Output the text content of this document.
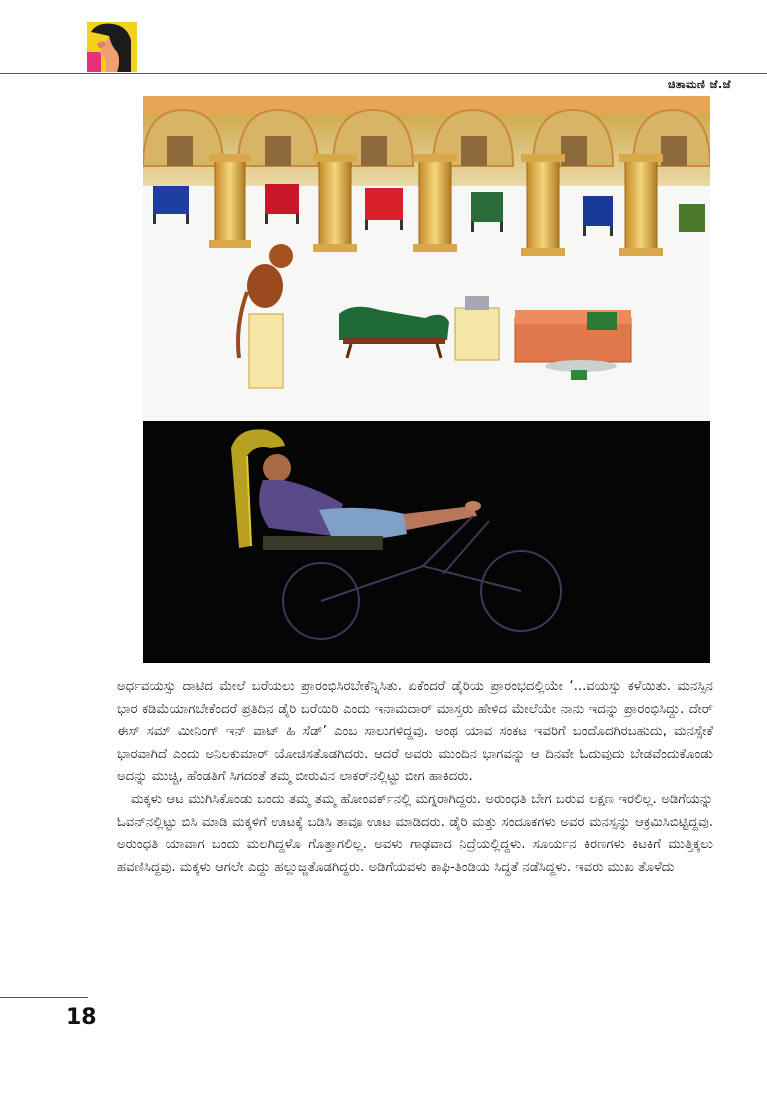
ಚಿತಾಮಣಿ ಜೆ.ಜೆ

ಅರ್ಧವಯಸ್ಸು ದಾಟಿದ ಮೇಲೆ ಬರೆಯಲು ಪ್ರಾರಂಭಿಸಿರಬೇಕೆನ್ನಿಸಿತು. ಏಕೆಂದರೆ ಡೈರಿಯ ಪ್ರಾರಂಭದಲ್ಲಿಯೇ ‘...ವಯಸ್ಸು ಕಳೆಯಿತು. ಮನಸ್ಸಿನ ಭಾರ ಕಡಿಮೆಯಾಗಬೇಕೆಂದರೆ ಪ್ರತಿದಿನ ಡೈರಿ ಬರೆಯಿರಿ ಎಂದು ಇನಾಮದಾರ್ ಮಾಸ್ತರು ಹೇಳಿದ ಮೇಲೆಯೇ ನಾನು ಇದನ್ನು ಪ್ರಾರಂಭಿಸಿದ್ದು. ದೇರ್ ಈಸ್ ಸಮ್ ಮೀನಿಂಗ್ ಇನ್ ವಾಟ್ ಹಿ ಸೆಡ್’ ಎಂಬ ಸಾಲುಗಳಿದ್ದವು. ಅಂಥ ಯಾವ ಸಂಕಟ ಇವರಿಗೆ ಬಂದೊದಗಿರಬಹುದು, ಮನಸ್ಸೇಕೆ ಭಾರವಾಗಿದೆ ಎಂದು ಅನಿಲಕುಮಾರ್ ಯೋಚಿಸತೊಡಗಿದರು. ಆದರೆ ಅವರು ಮುಂದಿನ ಭಾಗವನ್ನು ಆ ದಿನವೇ ಓದುವುದು ಬೇಡವೆಂದುಕೊಂಡು ಅದನ್ನು ಮುಚ್ಚಿ, ಹೆಂಡತಿಗೆ ಸಿಗದಂತೆ ತಮ್ಮ ಬೀರುವಿನ ಲಾಕರ್‌ನಲ್ಲಿಟ್ಟು ಬೀಗ ಹಾಕಿದರು.

ಮಕ್ಕಳು ಆಟ ಮುಗಿಸಿಕೊಂಡು ಬಂದು ತಮ್ಮ ತಮ್ಮ ಹೋಂವರ್ಕ್‌ನಲ್ಲಿ ಮಗ್ನರಾಗಿದ್ದರು. ಅರುಂಧತಿ ಬೇಗ ಬರುವ ಲಕ್ಷಣ ಇರಲಿಲ್ಲ. ಅಡಿಗೆಯನ್ನು ಓವನ್‌ನಲ್ಲಿಟ್ಟು ಬಿಸಿ ಮಾಡಿ ಮಕ್ಕಳಿಗೆ ಊಟಕ್ಕೆ ಬಡಿಸಿ ತಾವೂ ಊಟ ಮಾಡಿದರು. ಡೈರಿ ಮತ್ತು ಸಂದೂಕಗಳು ಅವರ ಮನಸ್ಸನ್ನು ಆಕ್ರಮಿಸಿಬಿಟ್ಟಿದ್ದವು. ಅರುಂಧತಿ ಯಾವಾಗ ಬಂದು ಮಲಗಿದ್ದಳೊ ಗೊತ್ತಾಗಲಿಲ್ಲ. ಅವಳು ಗಾಢವಾದ ನಿದ್ರೆಯಲ್ಲಿದ್ದಳು. ಸೂರ್ಯನ ಕಿರಣಗಳು ಕಿಟಕಿಗೆ ಮುತ್ತಿಕ್ಕಲು ಹವಣಿಸಿದ್ದವು. ಮಕ್ಕಳು ಆಗಲೇ ಎದ್ದು ಹಲ್ಲುಜ್ಜತೊಡಗಿದ್ದರು. ಅಡಿಗೆಯವಳು ಕಾಫಿ-ತಿಂಡಿಯ ಸಿದ್ಧತೆ ನಡೆಸಿದ್ದಳು. ಇವರು ಮುಖ ತೊಳೆದು

18
